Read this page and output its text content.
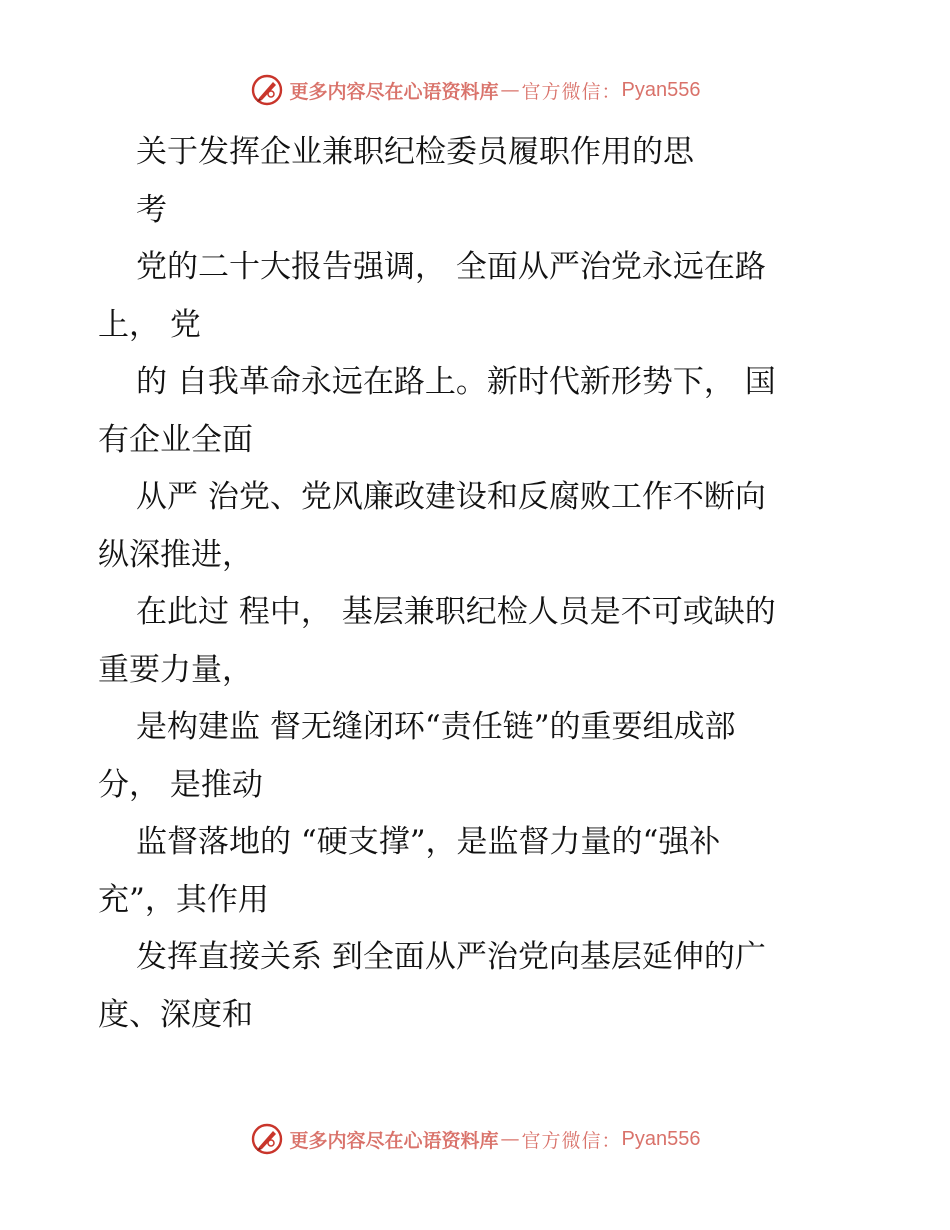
更多内容尽在心语资料库 — 官方微信： Pyan556

关于发挥企业兼职纪检委员履职作用的思

考

党的二十大报告强调， 全面从严治党永远在路

上， 党

的 自我革命永远在路上。新时代新形势下， 国

有企业全面

从严 治党、党风廉政建设和反腐败工作不断向

纵深推进，

在此过 程中， 基层兼职纪检人员是不可或缺的

重要力量，

是构建监 督无缝闭环“责任链”的重要组成部

分， 是推动

监督落地的 “硬支撑”，是监督力量的“强补

充”，其作用

发挥直接关系 到全面从严治党向基层延伸的广

度、深度和

更多内容尽在心语资料库 — 官方微信： Pyan556
